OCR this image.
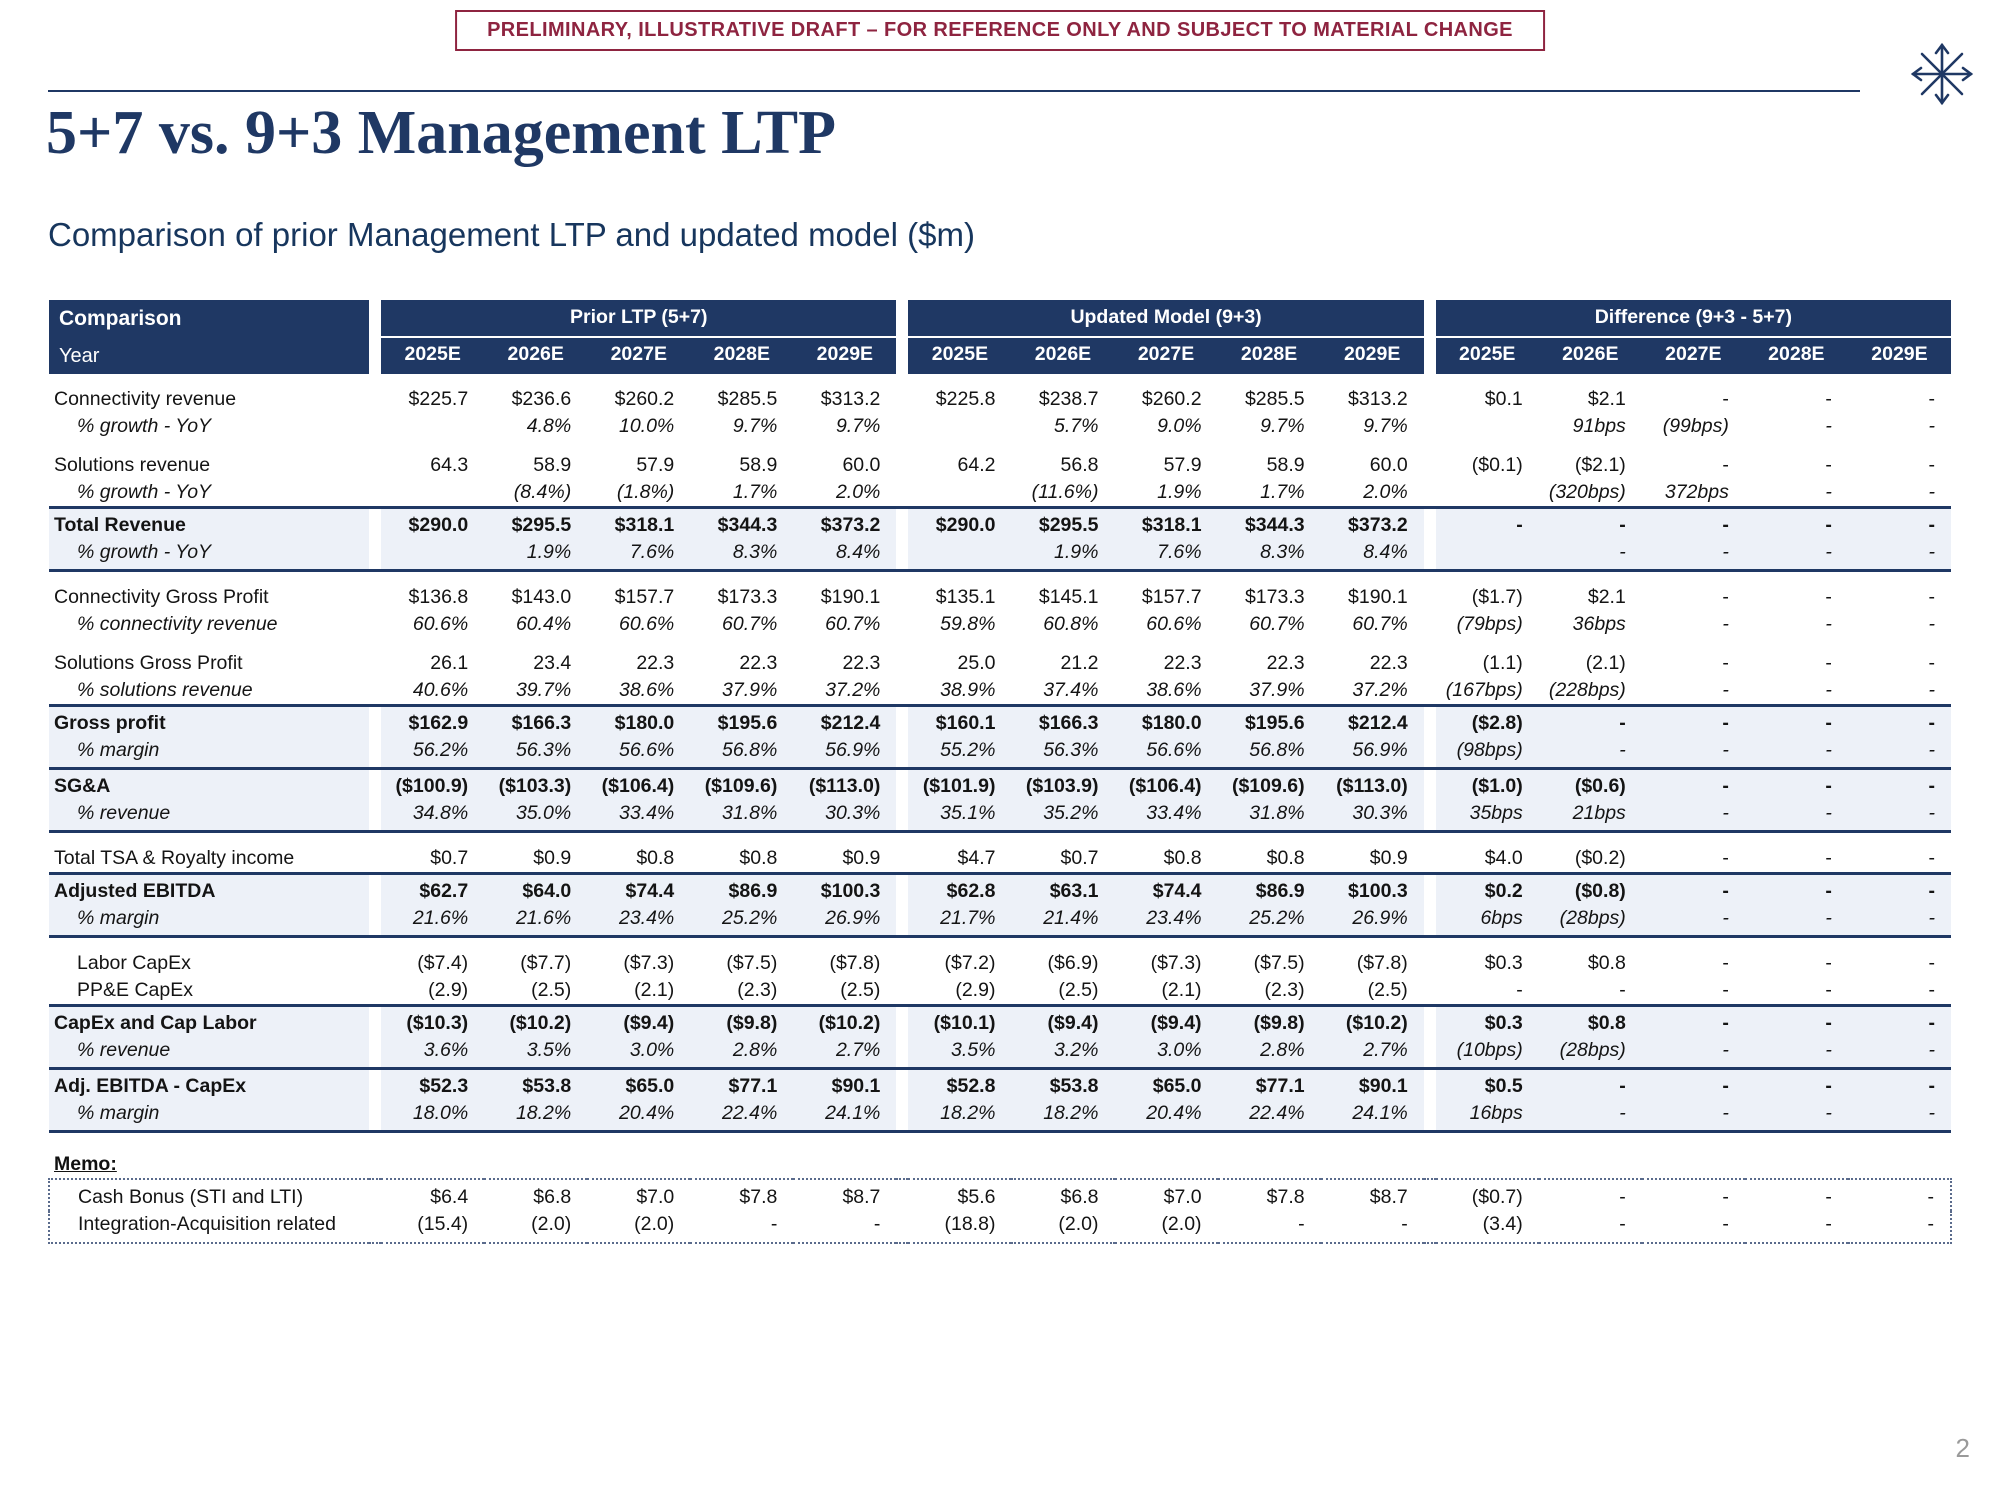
PRELIMINARY, ILLUSTRATIVE DRAFT – FOR REFERENCE ONLY AND SUBJECT TO MATERIAL CHANGE
5+7 vs. 9+3 Management LTP
Comparison of prior Management LTP and updated model ($m)
Comparison
Year		Prior LTP (5+7)						Updated Model (9+3)						Difference (9+3 - 5+7)				
		2025E	2026E	2027E	2028E	2029E		2025E	2026E	2027E	2028E	2029E		2025E	2026E	2027E	2028E	2029E
Connectivity revenue		$225.7	$236.6	$260.2	$285.5	$313.2		$225.8	$238.7	$260.2	$285.5	$313.2		$0.1	$2.1	-	-	-
% growth - YoY			4.8%	10.0%	9.7%	9.7%			5.7%	9.0%	9.7%	9.7%			91bps	(99bps)	-	-
Solutions revenue		64.3	58.9	57.9	58.9	60.0		64.2	56.8	57.9	58.9	60.0		($0.1)	($2.1)	-	-	-
% growth - YoY			(8.4%)	(1.8%)	1.7%	2.0%			(11.6%)	1.9%	1.7%	2.0%			(320bps)	372bps	-	-
Total Revenue		$290.0	$295.5	$318.1	$344.3	$373.2		$290.0	$295.5	$318.1	$344.3	$373.2		-	-	-	-	-
% growth - YoY			1.9%	7.6%	8.3%	8.4%			1.9%	7.6%	8.3%	8.4%			-	-	-	-
Connectivity Gross Profit		$136.8	$143.0	$157.7	$173.3	$190.1		$135.1	$145.1	$157.7	$173.3	$190.1		($1.7)	$2.1	-	-	-
% connectivity revenue		60.6%	60.4%	60.6%	60.7%	60.7%		59.8%	60.8%	60.6%	60.7%	60.7%		(79bps)	36bps	-	-	-
Solutions Gross Profit		26.1	23.4	22.3	22.3	22.3		25.0	21.2	22.3	22.3	22.3		(1.1)	(2.1)	-	-	-
% solutions revenue		40.6%	39.7%	38.6%	37.9%	37.2%		38.9%	37.4%	38.6%	37.9%	37.2%		(167bps)	(228bps)	-	-	-
Gross profit		$162.9	$166.3	$180.0	$195.6	$212.4		$160.1	$166.3	$180.0	$195.6	$212.4		($2.8)	-	-	-	-
% margin		56.2%	56.3%	56.6%	56.8%	56.9%		55.2%	56.3%	56.6%	56.8%	56.9%		(98bps)	-	-	-	-
SG&A		($100.9)	($103.3)	($106.4)	($109.6)	($113.0)		($101.9)	($103.9)	($106.4)	($109.6)	($113.0)		($1.0)	($0.6)	-	-	-
% revenue		34.8%	35.0%	33.4%	31.8%	30.3%		35.1%	35.2%	33.4%	31.8%	30.3%		35bps	21bps	-	-	-
Total TSA & Royalty income		$0.7	$0.9	$0.8	$0.8	$0.9		$4.7	$0.7	$0.8	$0.8	$0.9		$4.0	($0.2)	-	-	-
Adjusted EBITDA		$62.7	$64.0	$74.4	$86.9	$100.3		$62.8	$63.1	$74.4	$86.9	$100.3		$0.2	($0.8)	-	-	-
% margin		21.6%	21.6%	23.4%	25.2%	26.9%		21.7%	21.4%	23.4%	25.2%	26.9%		6bps	(28bps)	-	-	-
Labor CapEx		($7.4)	($7.7)	($7.3)	($7.5)	($7.8)		($7.2)	($6.9)	($7.3)	($7.5)	($7.8)		$0.3	$0.8	-	-	-
PP&E CapEx		(2.9)	(2.5)	(2.1)	(2.3)	(2.5)		(2.9)	(2.5)	(2.1)	(2.3)	(2.5)		-	-	-	-	-
CapEx and Cap Labor		($10.3)	($10.2)	($9.4)	($9.8)	($10.2)		($10.1)	($9.4)	($9.4)	($9.8)	($10.2)		$0.3	$0.8	-	-	-
% revenue		3.6%	3.5%	3.0%	2.8%	2.7%		3.5%	3.2%	3.0%	2.8%	2.7%		(10bps)	(28bps)	-	-	-
Adj. EBITDA - CapEx		$52.3	$53.8	$65.0	$77.1	$90.1		$52.8	$53.8	$65.0	$77.1	$90.1		$0.5	-	-	-	-
% margin		18.0%	18.2%	20.4%	22.4%	24.1%		18.2%	18.2%	20.4%	22.4%	24.1%		16bps	-	-	-	-
Memo:																		
Cash Bonus (STI and LTI)		$6.4	$6.8	$7.0	$7.8	$8.7		$5.6	$6.8	$7.0	$7.8	$8.7		($0.7)	-	-	-	-
Integration-Acquisition related		(15.4)	(2.0)	(2.0)	-	-		(18.8)	(2.0)	(2.0)	-	-		(3.4)	-	-	-	-
2
